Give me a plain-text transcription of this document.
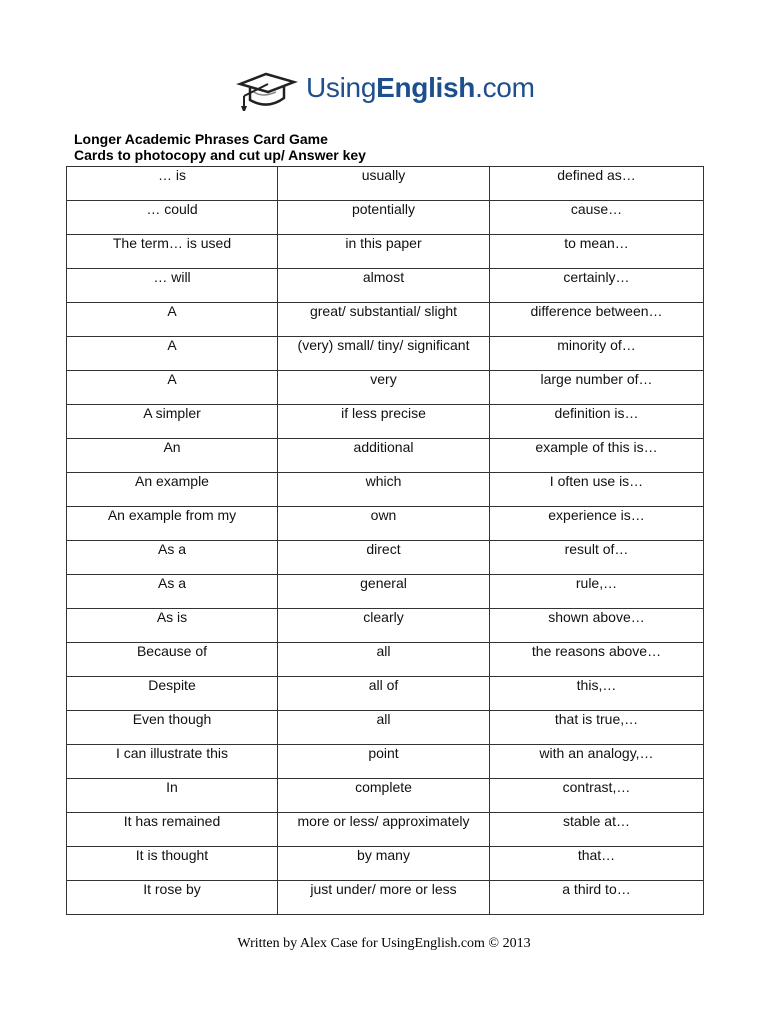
UsingEnglish.com
Longer Academic Phrases Card Game
Cards to photocopy and cut up/ Answer key
… is	usually	defined as…

… could	potentially	cause…

The term… is used	in this paper	to mean…

… will	almost	certainly…

A	great/ substantial/ slight	difference between…

A	(very) small/ tiny/ significant	minority of…

A	very	large number of…

A simpler	if less precise	definition is…

An	additional	example of this is…

An example	which	I often use is…

An example from my	own	experience is…

As a	direct	result of…

As a	general	rule,…

As is	clearly	shown above…

Because of	all	the reasons above…

Despite	all of	this,…

Even though	all	that is true,…

I can illustrate this	point	with an analogy,…

In	complete	contrast,…

It has remained	more or less/ approximately	stable at…

It is thought	by many	that…

It rose by	just under/ more or less	a third to…
Written by Alex Case for UsingEnglish.com © 2013
